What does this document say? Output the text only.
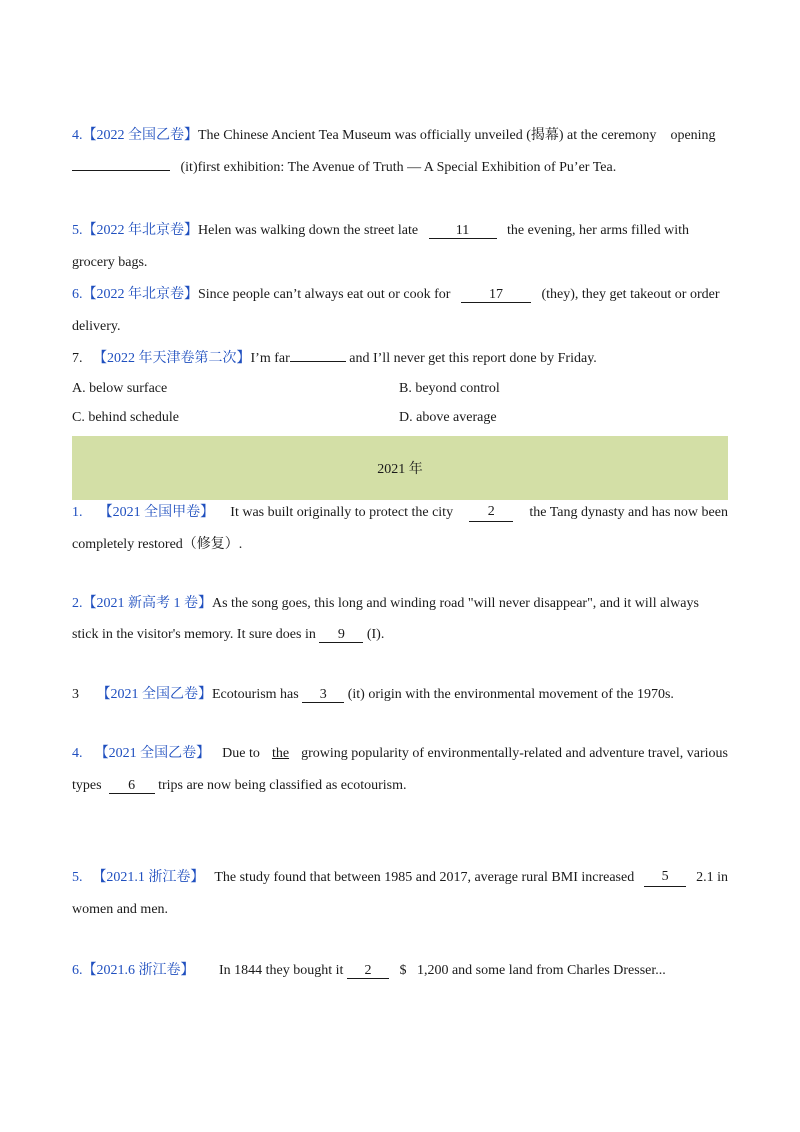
4.【2022 全国乙卷】The Chinese Ancient Tea Museum was officially unveiled (揭幕) at the ceremony opening
(it)first exhibition: The Avenue of Truth — A Special Exhibition of Pu’er Tea.
5.【2022 年北京卷】Helen was walking down the street late	11	the evening, her arms filled with
grocery bags.
6.【2022 年北京卷】Since people can’t always eat out or cook for	17	(they), they get takeout or order
delivery.
7. 【2022 年天津卷第二次】I’m far	and I’ll never get this report done by Friday.
A. below surface	B. beyond control
C. behind schedule	D. above average
2021 年
1. 【2021 全国甲卷】 It was built originally to protect the city	2	the Tang dynasty and has now been
completely restored（修复）.
2.【2021 新高考 1 卷】As the song goes, this long and winding road "will never disappear", and it will always
stick in the visitor's memory. It sure does in 9 (I).
3 【2021 全国乙卷】Ecotourism has 3 (it) origin with the environmental movement of the 1970s.
4. 【2021 全国乙卷】 Due to the growing popularity of environmentally-related and adventure travel, various
types 6 trips are now being classified as ecotourism.
5. 【2021.1 浙江卷】 The study found that between 1985 and 2017, average rural BMI increased	5	2.1 in
women and men.
6.【2021.6 浙江卷】 In 1844 they bought it 2 $ 1,200 and some land from Charles Dresser...
